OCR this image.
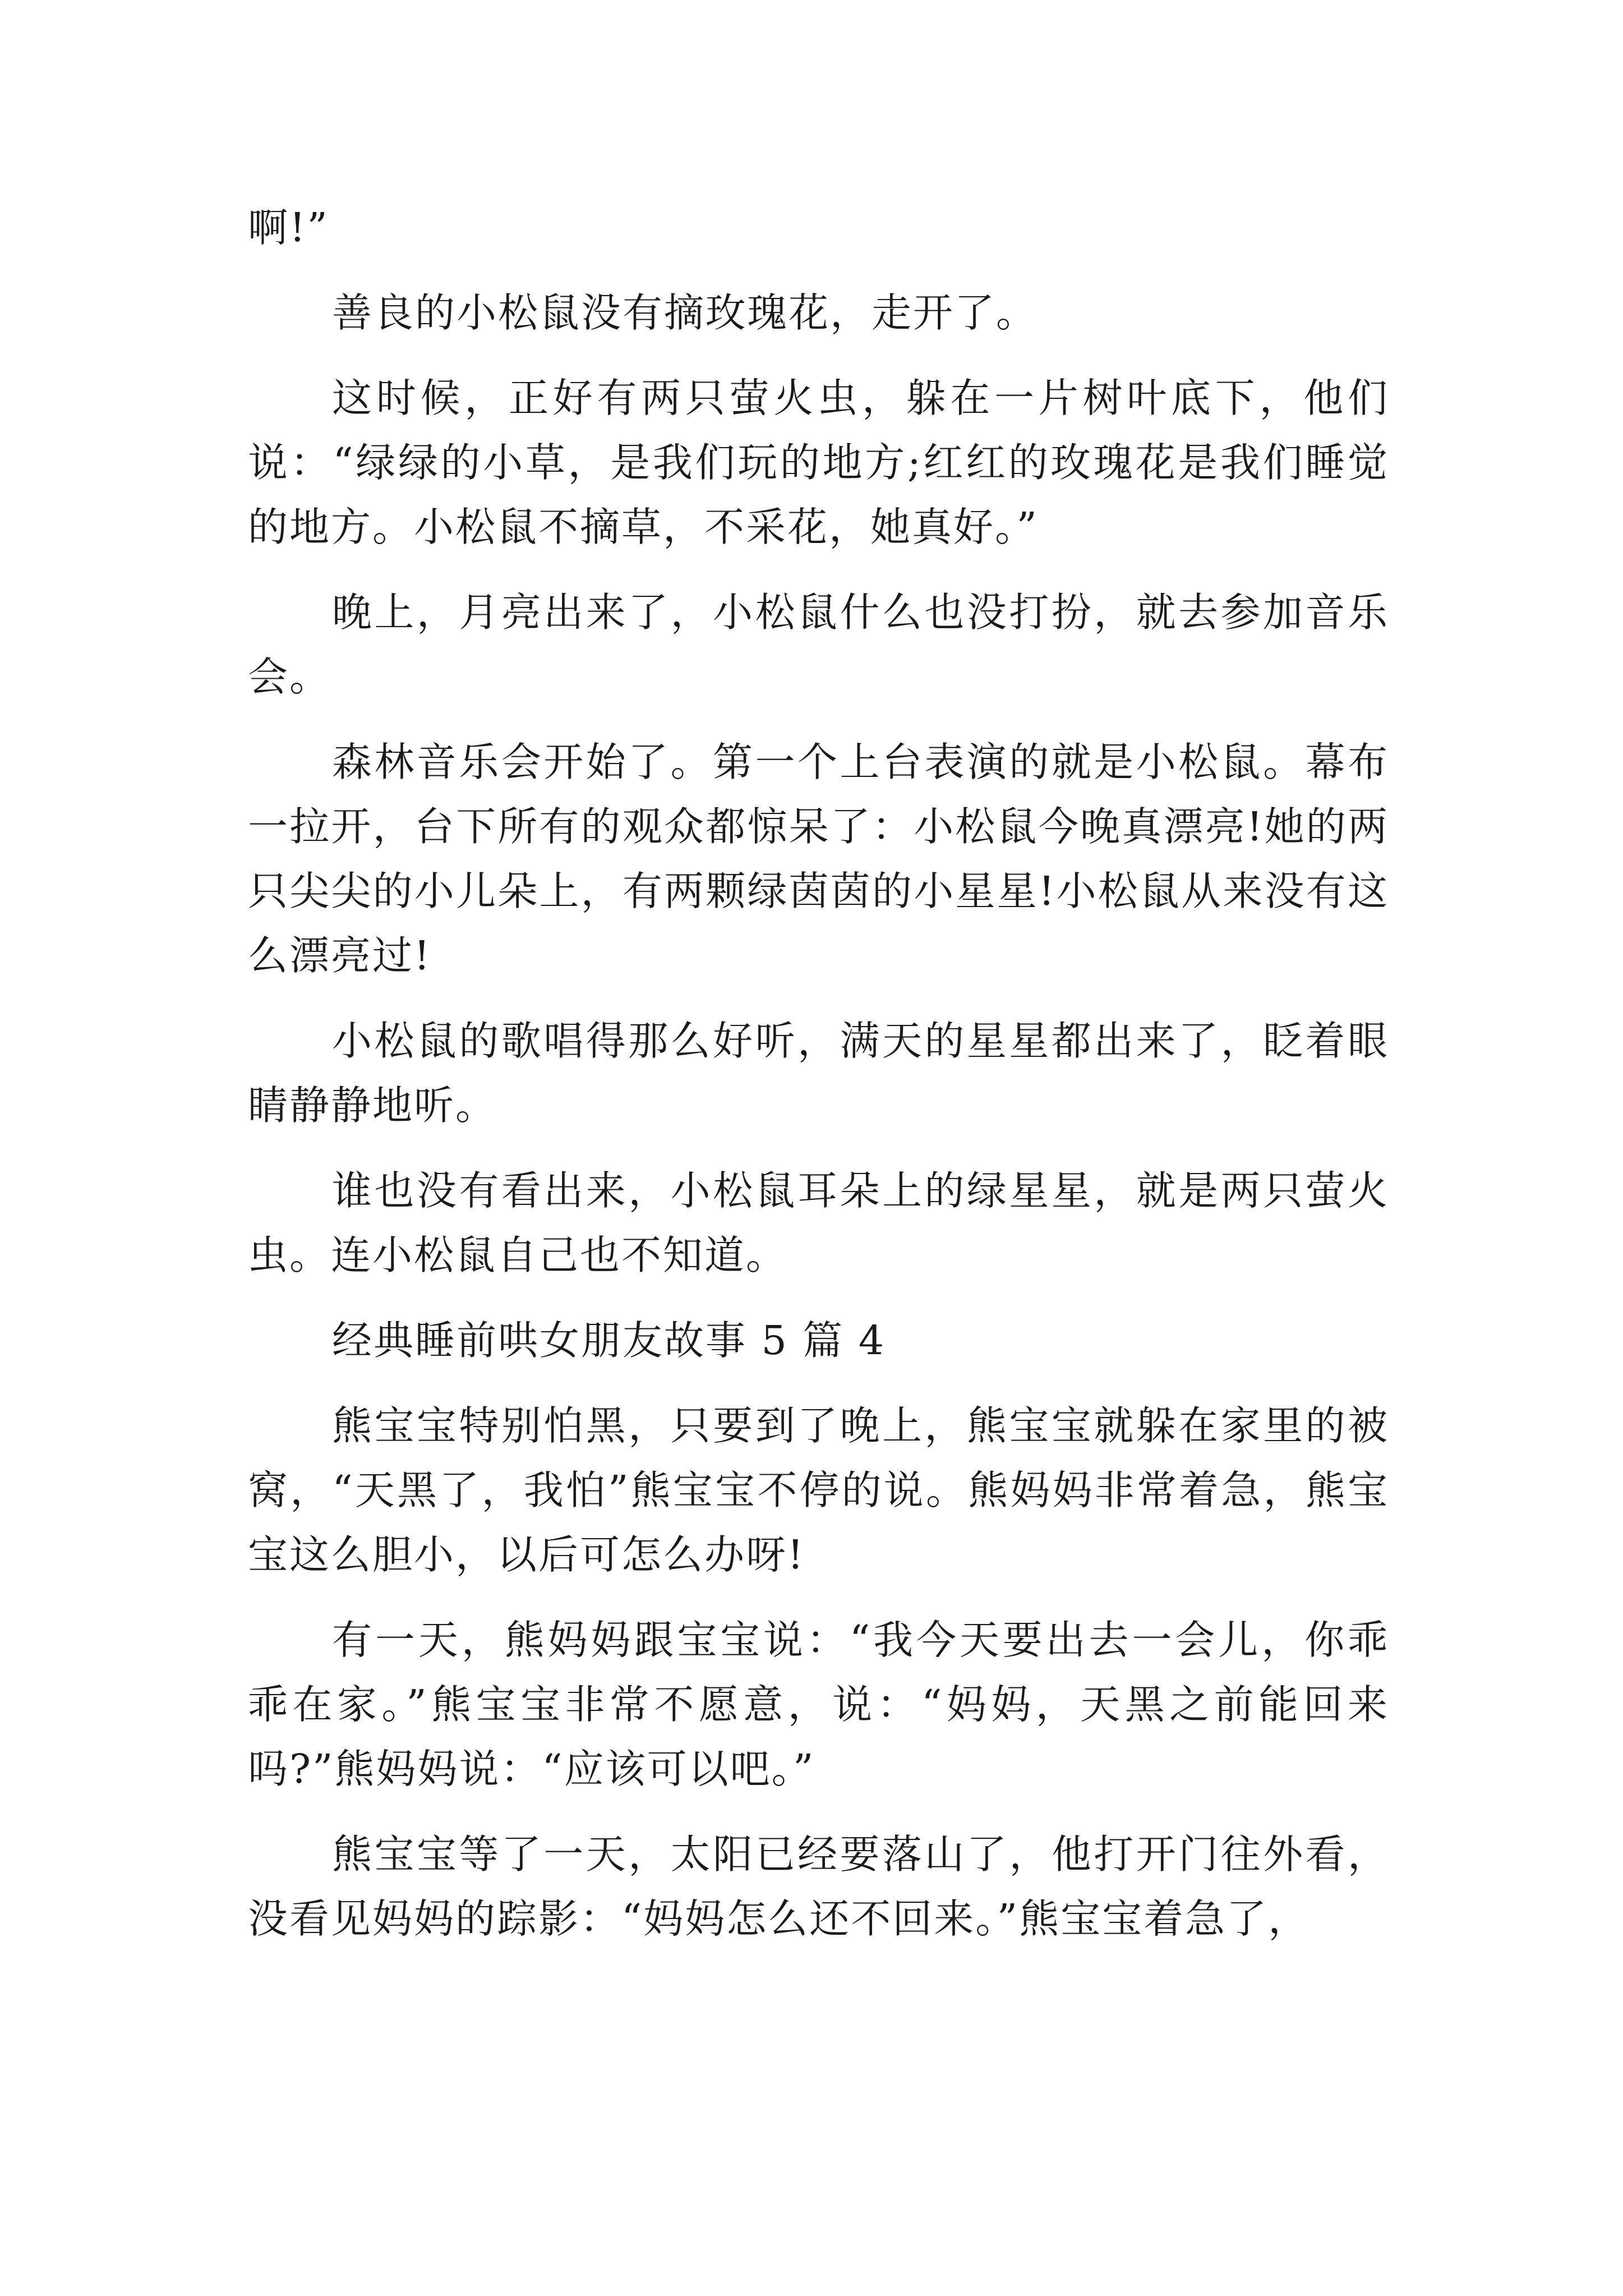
啊!”

善良的小松鼠没有摘玫瑰花，走开了。

这时候，正好有两只萤火虫，躲在一片树叶底下，他们说：“绿绿的小草，是我们玩的地方;红红的玫瑰花是我们睡觉的地方。小松鼠不摘草，不采花，她真好。”

晚上，月亮出来了，小松鼠什么也没打扮，就去参加音乐会。

森林音乐会开始了。第一个上台表演的就是小松鼠。幕布一拉开，台下所有的观众都惊呆了：小松鼠今晚真漂亮!她的两只尖尖的小儿朵上，有两颗绿茵茵的小星星!小松鼠从来没有这么漂亮过!

小松鼠的歌唱得那么好听，满天的星星都出来了，眨着眼睛静静地听。

谁也没有看出来，小松鼠耳朵上的绿星星，就是两只萤火虫。连小松鼠自己也不知道。

经典睡前哄女朋友故事 5 篇 4

熊宝宝特别怕黑，只要到了晚上，熊宝宝就躲在家里的被窝，“天黑了，我怕”熊宝宝不停的说。熊妈妈非常着急，熊宝宝这么胆小，以后可怎么办呀!

有一天，熊妈妈跟宝宝说：“我今天要出去一会儿，你乖乖在家。”熊宝宝非常不愿意，说：“妈妈，天黑之前能回来吗?”熊妈妈说：“应该可以吧。”

熊宝宝等了一天，太阳已经要落山了，他打开门往外看，没看见妈妈的踪影：“妈妈怎么还不回来。”熊宝宝着急了，
